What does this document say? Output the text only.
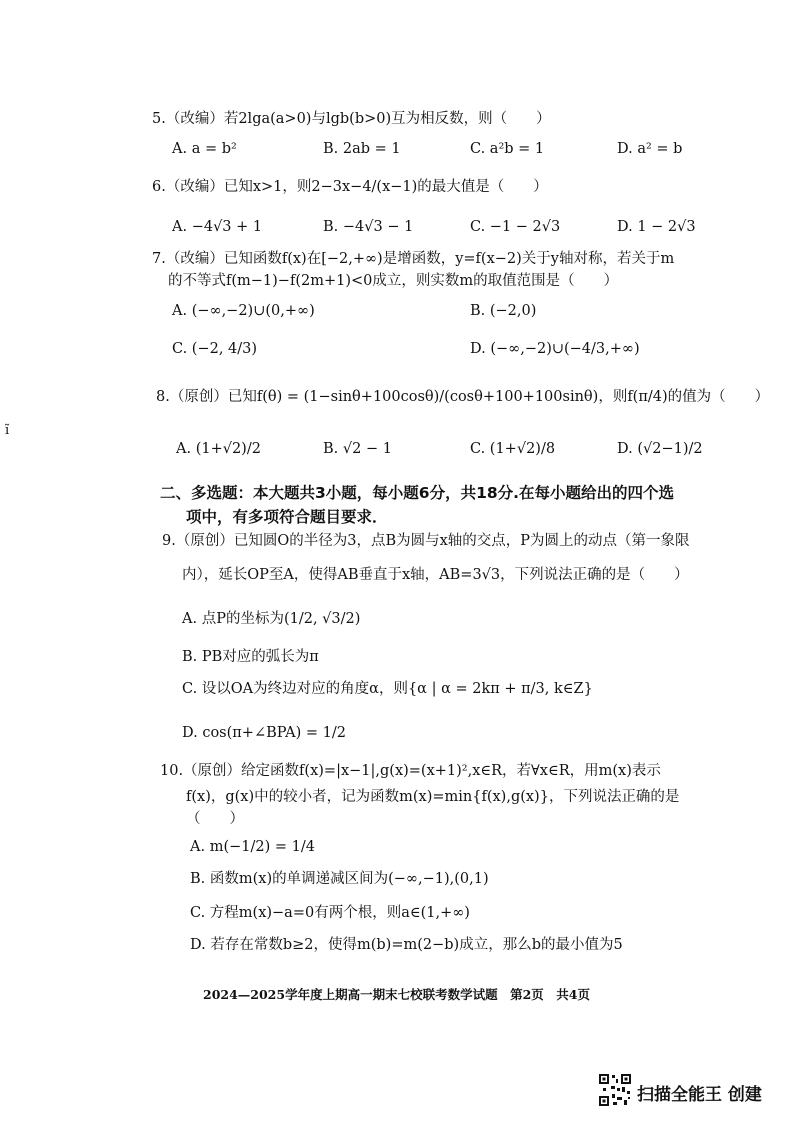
5.（改编）若2lga(a>0)与lgb(b>0)互为相反数，则（　　）
A. a = b²	B. 2ab = 1	C. a²b = 1	D. a² = b
6.（改编）已知x>1，则2−3x−4/(x−1)的最大值是（　　）
A. −4√3 + 1	B. −4√3 − 1	C. −1 − 2√3	D. 1 − 2√3
7.（改编）已知函数f(x)在[−2,+∞)是增函数，y=f(x−2)关于y轴对称，若关于m
的不等式f(m−1)−f(2m+1)<0成立，则实数m的取值范围是（　　）
A. (−∞,−2)∪(0,+∞)	B. (−2,0)
C. (−2, 4/3)	D. (−∞,−2)∪(−4/3,+∞)
8.（原创）已知f(θ) = (1−sinθ+100cosθ)/(cosθ+100+100sinθ)，则f(π/4)的值为（　　）
A. (1+√2)/2	B. √2 − 1	C. (1+√2)/8	D. (√2−1)/2
二、多选题：本大题共3小题，每小题6分，共18分.在每小题给出的四个选
项中，有多项符合题目要求．
9.（原创）已知圆O的半径为3，点B为圆与x轴的交点，P为圆上的动点（第一象限
内），延长OP至A，使得AB垂直于x轴，AB=3√3，下列说法正确的是（　　）
A. 点P的坐标为(1/2, √3/2)
B. PB对应的弧长为π
C. 设以OA为终边对应的角度α，则{α | α = 2kπ + π/3, k∈Z}
D. cos(π+∠BPA) = 1/2
10.（原创）给定函数f(x)=|x−1|,g(x)=(x+1)²,x∈R，若∀x∈R，用m(x)表示
f(x)，g(x)中的较小者，记为函数m(x)=min{f(x),g(x)}，下列说法正确的是
（　　）
A. m(−1/2) = 1/4
B. 函数m(x)的单调递减区间为(−∞,−1),(0,1)
C. 方程m(x)−a=0有两个根，则a∈(1,+∞)
D. 若存在常数b≥2，使得m(b)=m(2−b)成立，那么b的最小值为5
2024—2025学年度上期高一期末七校联考数学试题　第2页　共4页
ĩ
扫描全能王 创建
